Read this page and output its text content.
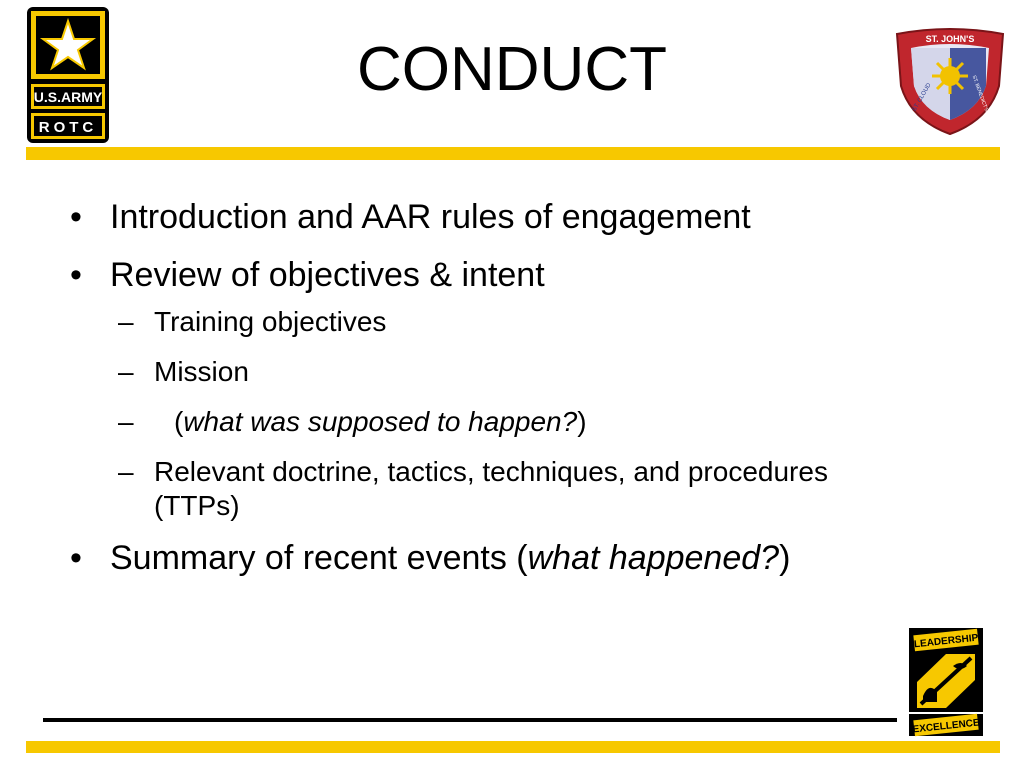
U.S.ARMY
ROTC
CONDUCT	ST. JOHN'S
ST. CLOUD	ST. BENEDICT'S
• Introduction and AAR rules of engagement
• Review of objectives & intent
– Training objectives
– Mission
– (what was supposed to happen?)
– Relevant doctrine, tactics, techniques, and procedures (TTPs)
• Summary of recent events (what happened?)
LEADERSHIP
EXCELLENCE
